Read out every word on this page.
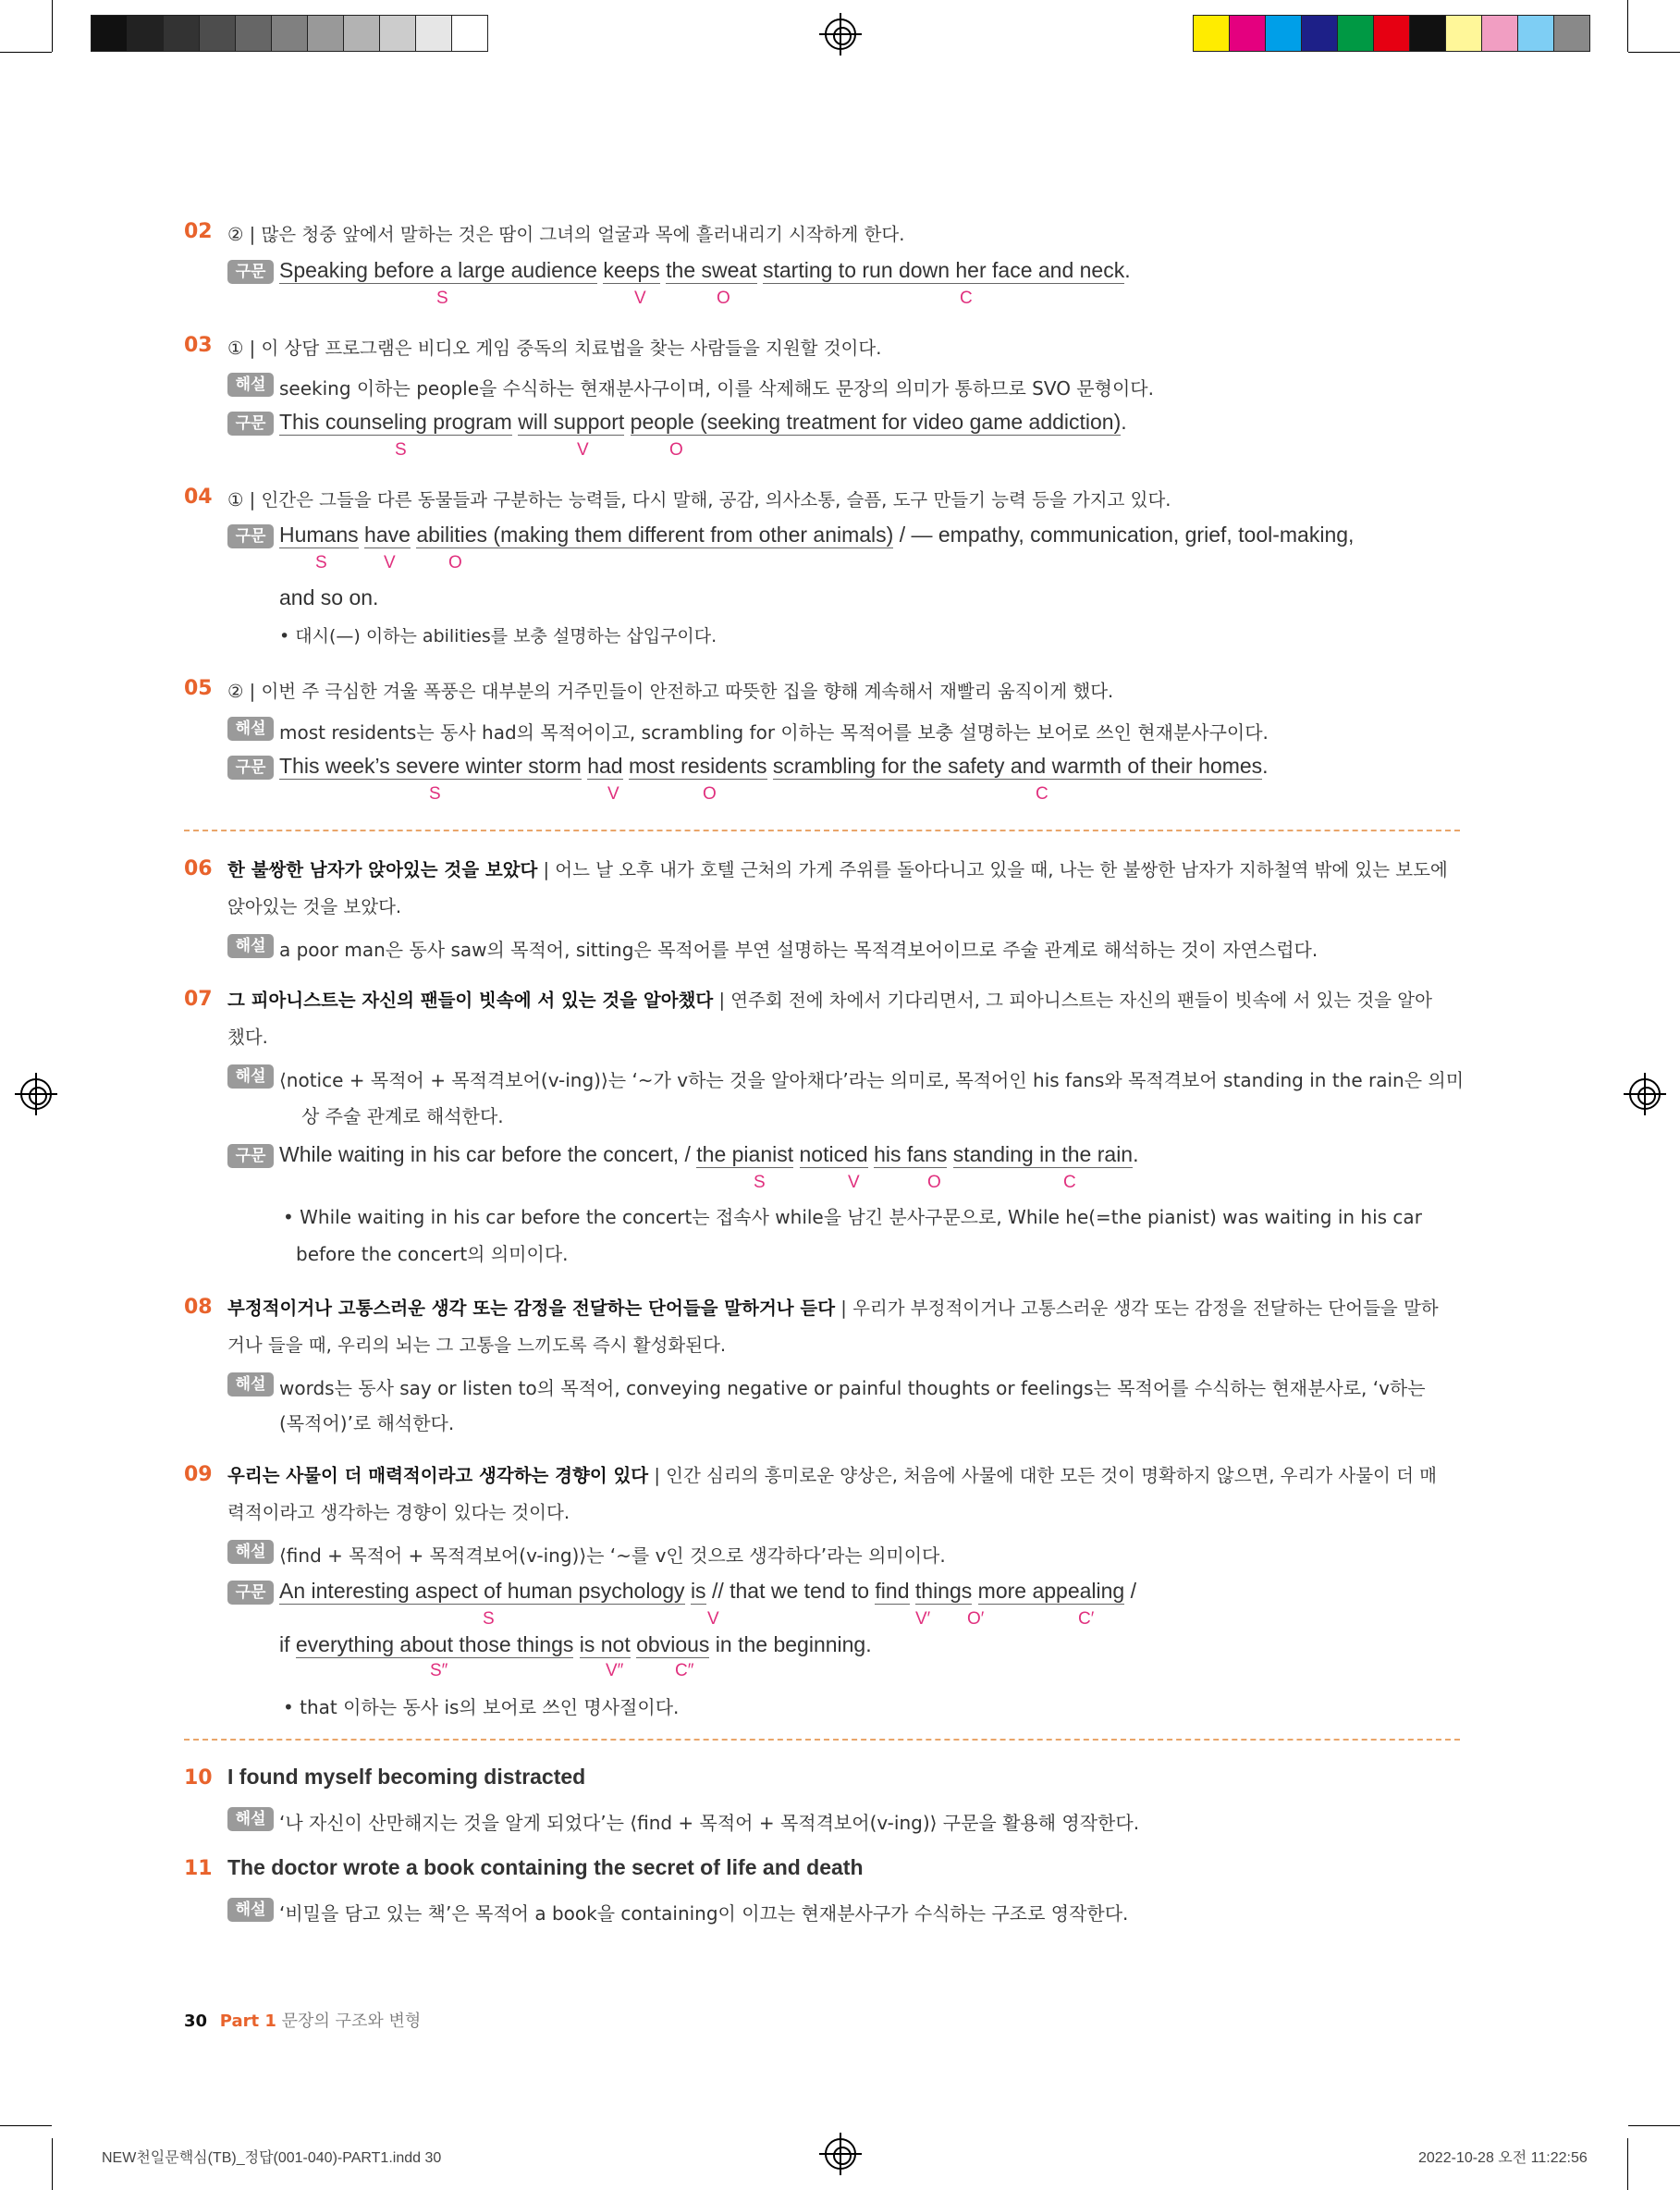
02 ② | 많은 청중 앞에서 말하는 것은 땀이 그녀의 얼굴과 목에 흘러내리기 시작하게 한다.
구문 Speaking before a large audience keeps the sweat starting to run down her face and neck.
S	V	O	C
03 ① | 이 상담 프로그램은 비디오 게임 중독의 치료법을 찾는 사람들을 지원할 것이다.
해설 seeking 이하는 people을 수식하는 현재분사구이며, 이를 삭제해도 문장의 의미가 통하므로 SVO 문형이다.
구문 This counseling program will support people (seeking treatment for video game addiction).
S	V	O
04 ① | 인간은 그들을 다른 동물들과 구분하는 능력들, 다시 말해, 공감, 의사소통, 슬픔, 도구 만들기 능력 등을 가지고 있다.
구문 Humans have abilities (making them different from other animals) / — empathy, communication, grief, tool-making,
S	V	O
and so on.
• 대시(—) 이하는 abilities를 보충 설명하는 삽입구이다.
05 ② | 이번 주 극심한 겨울 폭풍은 대부분의 거주민들이 안전하고 따뜻한 집을 향해 계속해서 재빨리 움직이게 했다.
해설 most residents는 동사 had의 목적어이고, scrambling for 이하는 목적어를 보충 설명하는 보어로 쓰인 현재분사구이다.
구문 This week’s severe winter storm had most residents scrambling for the safety and warmth of their homes.
S	V	O	C
06 한 불쌍한 남자가 앉아있는 것을 보았다 | 어느 날 오후 내가 호텔 근처의 가게 주위를 돌아다니고 있을 때, 나는 한 불쌍한 남자가 지하철역 밖에 있는 보도에
앉아있는 것을 보았다.
해설 a poor man은 동사 saw의 목적어, sitting은 목적어를 부연 설명하는 목적격보어이므로 주술 관계로 해석하는 것이 자연스럽다.
07 그 피아니스트는 자신의 팬들이 빗속에 서 있는 것을 알아챘다 | 연주회 전에 차에서 기다리면서, 그 피아니스트는 자신의 팬들이 빗속에 서 있는 것을 알아
챘다.
해설 ⟨notice + 목적어 + 목적격보어(v-ing)⟩는 ‘~가 v하는 것을 알아채다’라는 의미로, 목적어인 his fans와 목적격보어 standing in the rain은 의미
상 주술 관계로 해석한다.
구문 While waiting in his car before the concert, / the pianist noticed his fans standing in the rain.
S	V	O	C
• While waiting in his car before the concert는 접속사 while을 남긴 분사구문으로, While he(=the pianist) was waiting in his car
before the concert의 의미이다.
08 부정적이거나 고통스러운 생각 또는 감정을 전달하는 단어들을 말하거나 듣다 | 우리가 부정적이거나 고통스러운 생각 또는 감정을 전달하는 단어들을 말하
거나 들을 때, 우리의 뇌는 그 고통을 느끼도록 즉시 활성화된다.
해설 words는 동사 say or listen to의 목적어, conveying negative or painful thoughts or feelings는 목적어를 수식하는 현재분사로, ‘v하는
(목적어)’로 해석한다.
09 우리는 사물이 더 매력적이라고 생각하는 경향이 있다 | 인간 심리의 흥미로운 양상은, 처음에 사물에 대한 모든 것이 명확하지 않으면, 우리가 사물이 더 매
력적이라고 생각하는 경향이 있다는 것이다.
해설 ⟨find + 목적어 + 목적격보어(v-ing)⟩는 ‘~를 v인 것으로 생각하다’라는 의미이다.
구문 An interesting aspect of human psychology is // that we tend to find things more appealing /
S	V	V′ O′	C′
if everything about those things is not obvious in the beginning.
S″	V″	C″
• that 이하는 동사 is의 보어로 쓰인 명사절이다.
10 I found myself becoming distracted
해설 ‘나 자신이 산만해지는 것을 알게 되었다’는 ⟨find + 목적어 + 목적격보어(v-ing)⟩ 구문을 활용해 영작한다.
11 The doctor wrote a book containing the secret of life and death
해설 ‘비밀을 담고 있는 책’은 목적어 a book을 containing이 이끄는 현재분사구가 수식하는 구조로 영작한다.
30 Part 1 문장의 구조와 변형
NEW천일문핵심(TB)_정답(001-040)-PART1.indd 30	2022-10-28 오전 11:22:56
